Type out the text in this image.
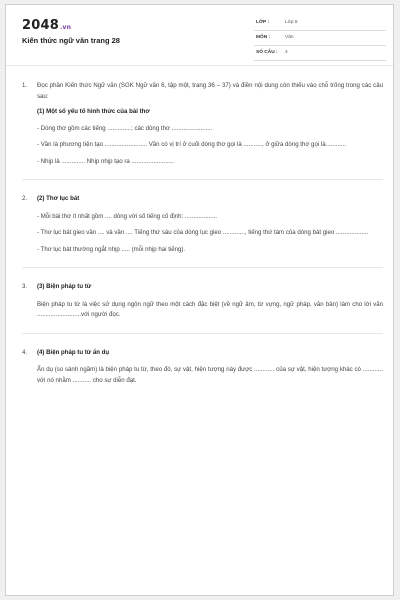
2048.vn
Kiến thức ngữ văn trang 28
LỚP :	Lớp 6
MÔN :	Văn
SỐ CÂU : 4
1. Đọc phần Kiến thức Ngữ văn (SGK Ngữ văn 6, tập một, trang 36 – 37) và điền nội dung còn thiếu vào chỗ trống trong các câu sau:
(1) Một số yếu tố hình thức của bài thơ
- Dòng thơ gồm các tiếng ..............; các dòng thơ ........................
- Vần là phương tiện tạo ......................... Vần có vị trí ở cuối dòng thơ gọi là ..........., ở giữa dòng thơ gọi là............
- Nhịp là .............. Nhịp nhịp tạo ra .........................
2. (2) Thơ lục bát
- Mỗi bài thơ ít nhất gồm .... dòng với số tiếng cố định: ...................
- Thơ lục bát gieo vần .... và vần .... Tiếng thứ sáu của dòng lục gieo ............., tiếng thứ tám của dòng bát gieo ...................
- Thơ lục bát thường ngắt nhịp ..... (mỗi nhịp hai tiếng).
3. (3) Biện pháp tu từ
Biện pháp tu từ là việc sử dụng ngôn ngữ theo một cách đặc biệt (về ngữ âm, từ vựng, ngữ pháp, văn bản) làm cho lời văn ..........................với người đọc.
4. (4) Biện pháp tu từ ẩn dụ
Ẩn dụ (so sánh ngầm) là biện pháp tu từ, theo đó, sự vật, hiện tượng này được ............ của sự vật, hiện tượng khác có ............ với nó nhằm ........... cho sự diễn đạt.
